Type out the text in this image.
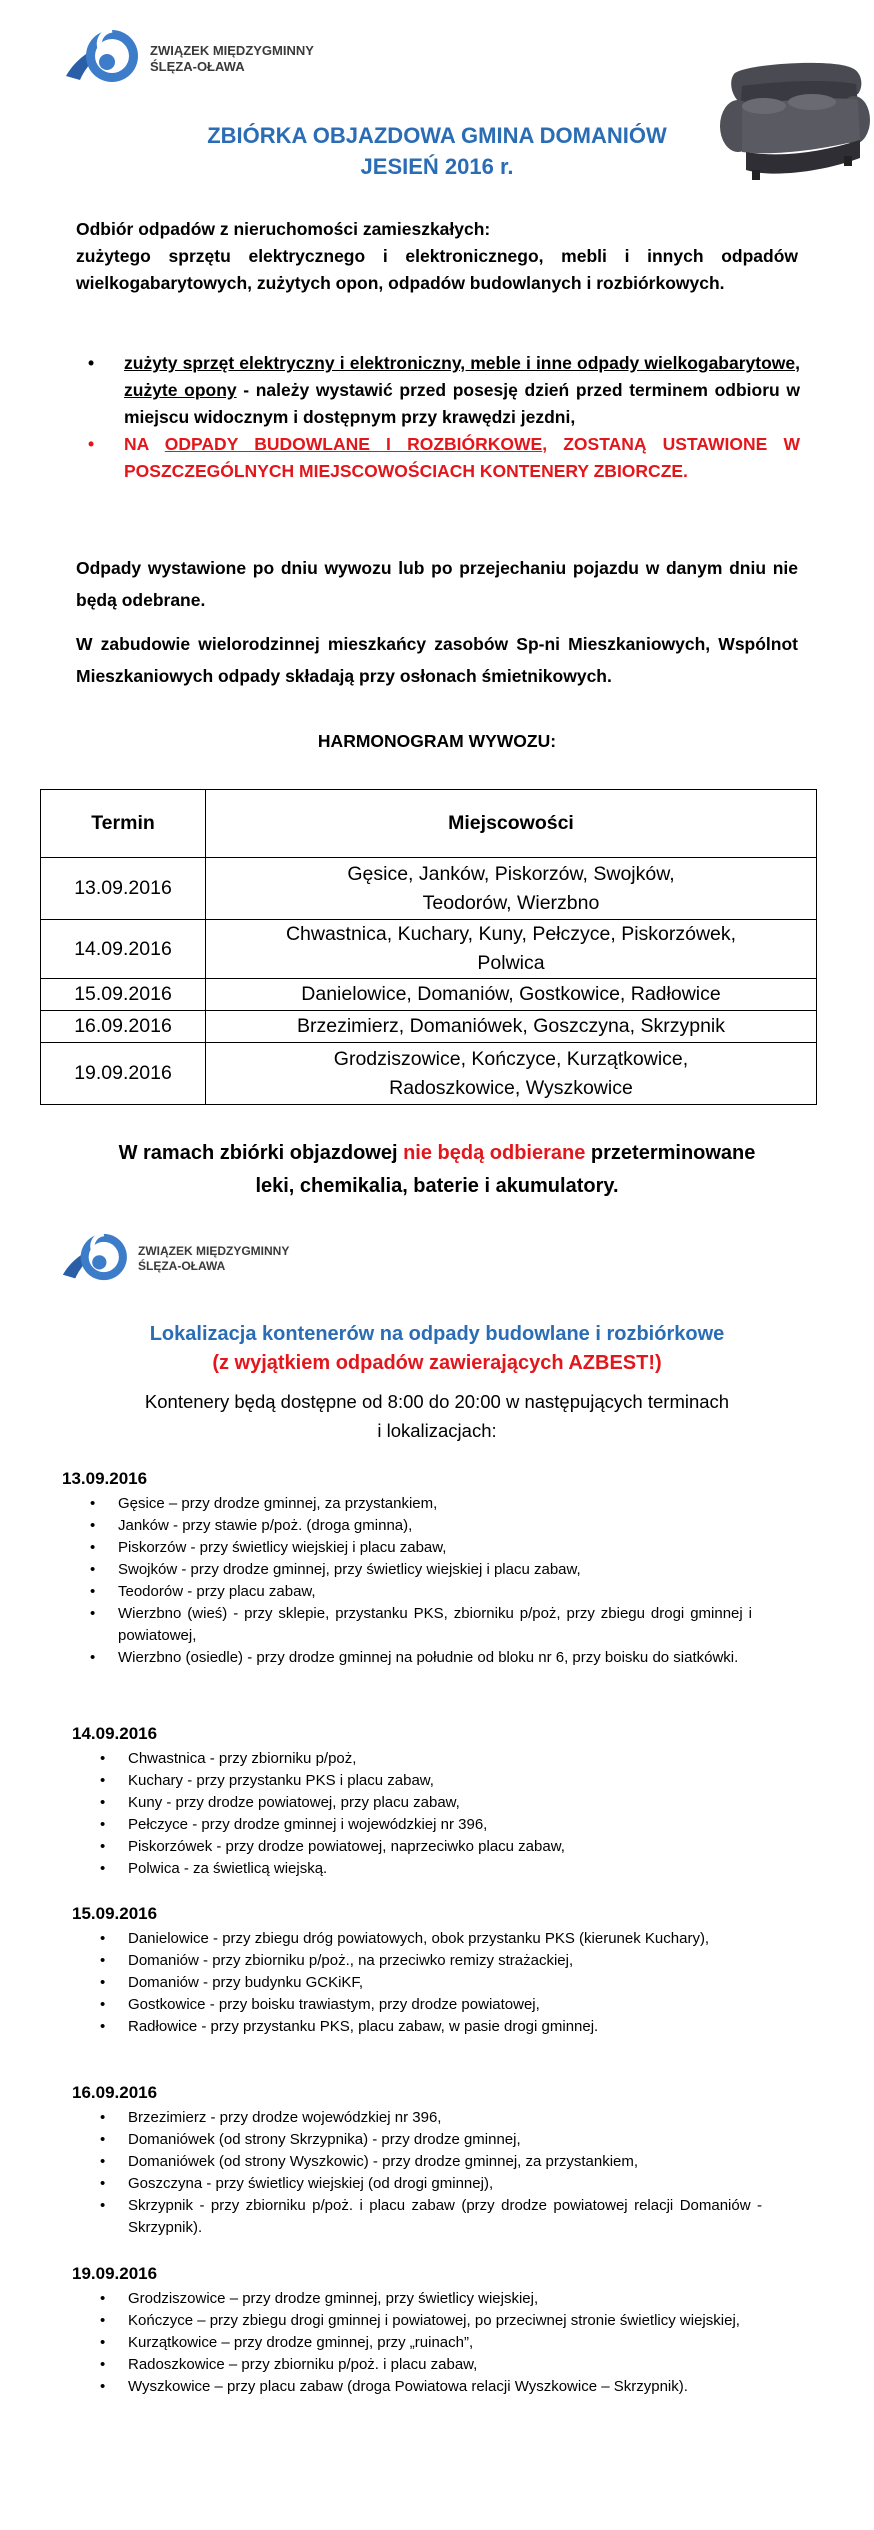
ZWIĄZEK MIĘDZYGMINNY
ŚLĘZA-OŁAWA
ZBIÓRKA OBJAZDOWA GMINA DOMANIÓW
JESIEŃ 2016 r.
Odbiór odpadów z nieruchomości zamieszkałych:
zużytego sprzętu elektrycznego i elektronicznego, mebli i innych odpadów wielkogabarytowych, zużytych opon, odpadów budowlanych i rozbiórkowych.
• zużyty sprzęt elektryczny i elektroniczny, meble i inne odpady wielkogabarytowe, zużyte opony - należy wystawić przed posesję dzień przed terminem odbioru w miejscu widocznym i dostępnym przy krawędzi jezdni,
• NA ODPADY BUDOWLANE I ROZBIÓRKOWE, ZOSTANĄ USTAWIONE W POSZCZEGÓLNYCH MIEJSCOWOŚCIACH KONTENERY ZBIORCZE.
Odpady wystawione po dniu wywozu lub po przejechaniu pojazdu w danym dniu nie będą odebrane.
W zabudowie wielorodzinnej mieszkańcy zasobów Sp-ni Mieszkaniowych, Wspólnot Mieszkaniowych odpady składają przy osłonach śmietnikowych.
HARMONOGRAM WYWOZU:
Termin	Miejscowości
13.09.2016	Gęsice, Janków, Piskorzów, Swojków, Teodorów, Wierzbno

14.09.2016	Chwastnica, Kuchary, Kuny, Pełczyce, Piskorzówek, Polwica

15.09.2016	Danielowice, Domaniów, Gostkowice, Radłowice
16.09.2016	Brzezimierz, Domaniówek, Goszczyna, Skrzypnik
19.09.2016	Grodziszowice, Kończyce, Kurzątkowice, Radoszkowice, Wyszkowice
W ramach zbiórki objazdowej nie będą odbierane przeterminowane
leki, chemikalia, baterie i akumulatory.
ZWIĄZEK MIĘDZYGMINNY
ŚLĘZA-OŁAWA
Lokalizacja kontenerów na odpady budowlane i rozbiórkowe
(z wyjątkiem odpadów zawierających AZBEST!)
Kontenery będą dostępne od 8:00 do 20:00 w następujących terminach
i lokalizacjach:
13.09.2016
• Gęsice – przy drodze gminnej, za przystankiem,
• Janków - przy stawie p/poż. (droga gminna),
• Piskorzów - przy świetlicy wiejskiej i placu zabaw,
• Swojków - przy drodze gminnej, przy świetlicy wiejskiej i placu zabaw,
• Teodorów - przy placu zabaw,
• Wierzbno (wieś) - przy sklepie, przystanku PKS, zbiorniku p/poż, przy zbiegu drogi gminnej i powiatowej,
• Wierzbno (osiedle) - przy drodze gminnej na południe od bloku nr 6, przy boisku do siatkówki.
14.09.2016
• Chwastnica - przy zbiorniku p/poż,
• Kuchary - przy przystanku PKS i placu zabaw,
• Kuny - przy drodze powiatowej, przy placu zabaw,
• Pełczyce - przy drodze gminnej i wojewódzkiej nr 396,
• Piskorzówek - przy drodze powiatowej, naprzeciwko placu zabaw,
• Polwica - za świetlicą wiejską.
15.09.2016
• Danielowice - przy zbiegu dróg powiatowych, obok przystanku PKS (kierunek Kuchary),
• Domaniów - przy zbiorniku p/poż., na przeciwko remizy strażackiej,
• Domaniów - przy budynku GCKiKF,
• Gostkowice - przy boisku trawiastym, przy drodze powiatowej,
• Radłowice - przy przystanku PKS, placu zabaw, w pasie drogi gminnej.
16.09.2016
• Brzezimierz - przy drodze wojewódzkiej nr 396,
• Domaniówek (od strony Skrzypnika) - przy drodze gminnej,
• Domaniówek (od strony Wyszkowic) - przy drodze gminnej, za przystankiem,
• Goszczyna - przy świetlicy wiejskiej (od drogi gminnej),
• Skrzypnik - przy zbiorniku p/poż. i placu zabaw (przy drodze powiatowej relacji Domaniów - Skrzypnik).
19.09.2016
• Grodziszowice – przy drodze gminnej, przy świetlicy wiejskiej,
• Kończyce – przy zbiegu drogi gminnej i powiatowej, po przeciwnej stronie świetlicy wiejskiej,
• Kurzątkowice – przy drodze gminnej, przy „ruinach”,
• Radoszkowice – przy zbiorniku p/poż. i placu zabaw,
• Wyszkowice – przy placu zabaw (droga Powiatowa relacji Wyszkowice – Skrzypnik).
